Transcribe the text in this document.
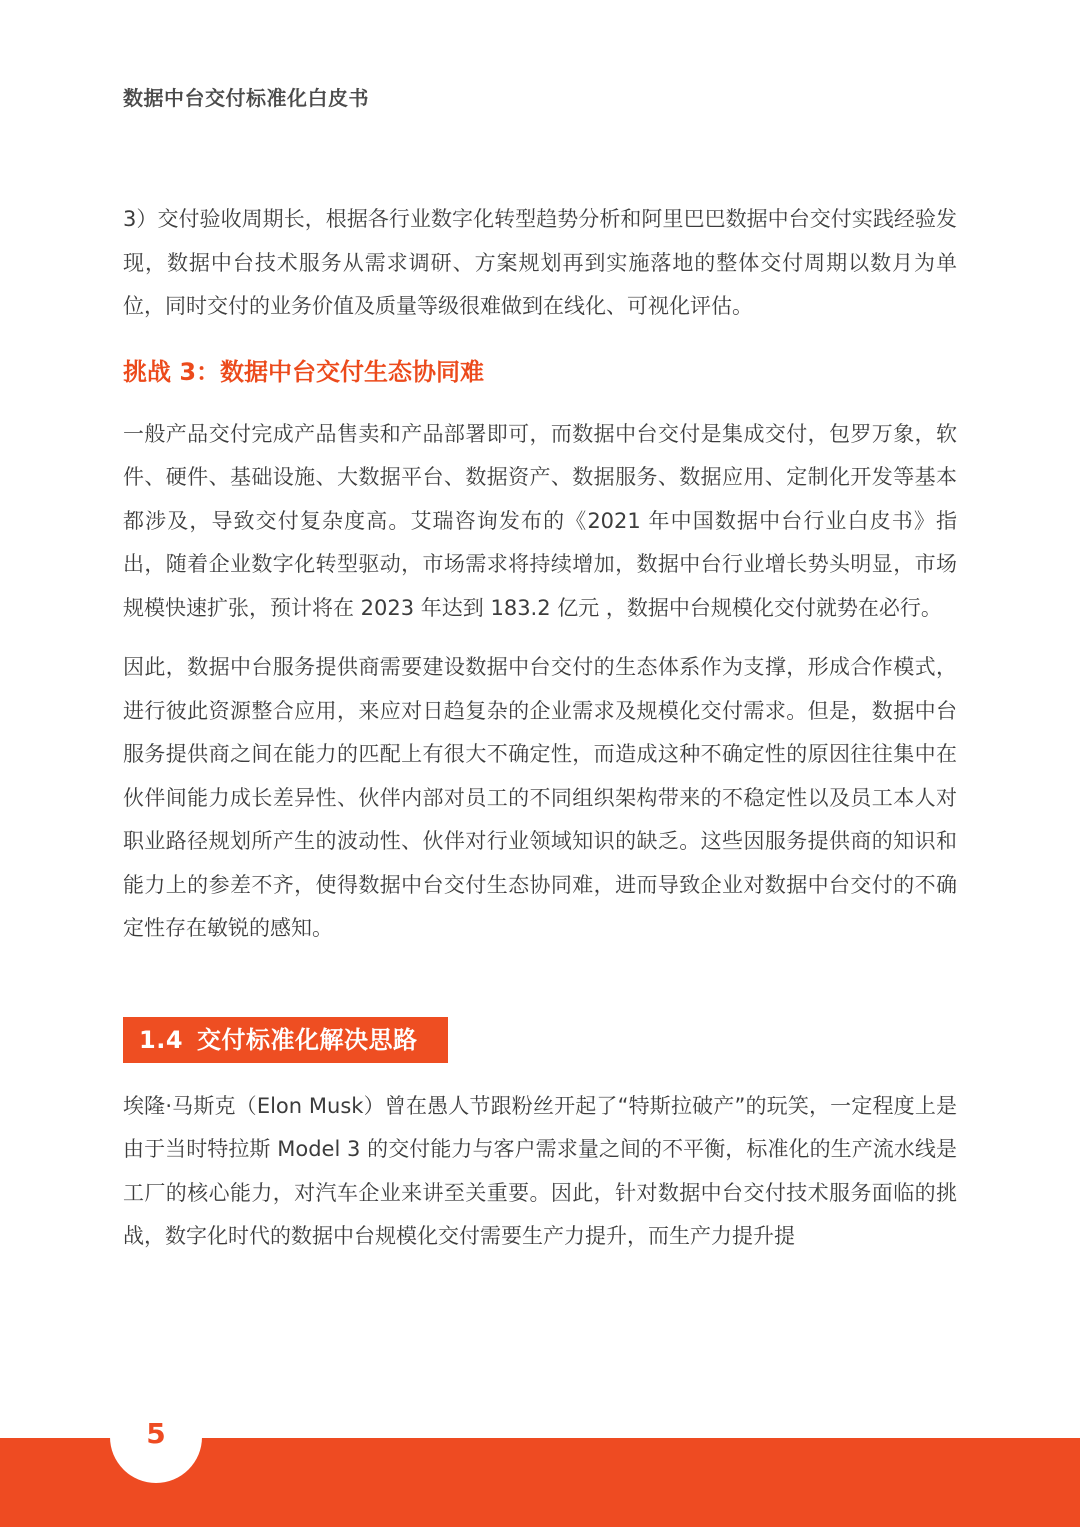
数据中台交付标准化白皮书

3）交付验收周期长，根据各行业数字化转型趋势分析和阿里巴巴数据中台交付实践经验发现，数据中台技术服务从需求调研、方案规划再到实施落地的整体交付周期以数月为单位，同时交付的业务价值及质量等级很难做到在线化、可视化评估。

挑战 3：数据中台交付生态协同难

一般产品交付完成产品售卖和产品部署即可，而数据中台交付是集成交付，包罗万象，软件、硬件、基础设施、大数据平台、数据资产、数据服务、数据应用、定制化开发等基本都涉及，导致交付复杂度高。艾瑞咨询发布的《2021 年中国数据中台行业白皮书》指出，随着企业数字化转型驱动，市场需求将持续增加，数据中台行业增长势头明显，市场规模快速扩张，预计将在 2023 年达到 183.2 亿元 ，数据中台规模化交付就势在必行。

因此，数据中台服务提供商需要建设数据中台交付的生态体系作为支撑，形成合作模式，进行彼此资源整合应用，来应对日趋复杂的企业需求及规模化交付需求。但是，数据中台服务提供商之间在能力的匹配上有很大不确定性，而造成这种不确定性的原因往往集中在伙伴间能力成长差异性、伙伴内部对员工的不同组织架构带来的不稳定性以及员工本人对职业路径规划所产生的波动性、伙伴对行业领域知识的缺乏。这些因服务提供商的知识和能力上的参差不齐，使得数据中台交付生态协同难，进而导致企业对数据中台交付的不确定性存在敏锐的感知。

1.4 交付标准化解决思路

埃隆·马斯克（Elon Musk）曾在愚人节跟粉丝开起了“特斯拉破产”的玩笑，一定程度上是由于当时特拉斯 Model 3 的交付能力与客户需求量之间的不平衡，标准化的生产流水线是工厂的核心能力，对汽车企业来讲至关重要。因此，针对数据中台交付技术服务面临的挑战，数字化时代的数据中台规模化交付需要生产力提升，而生产力提升提

5
